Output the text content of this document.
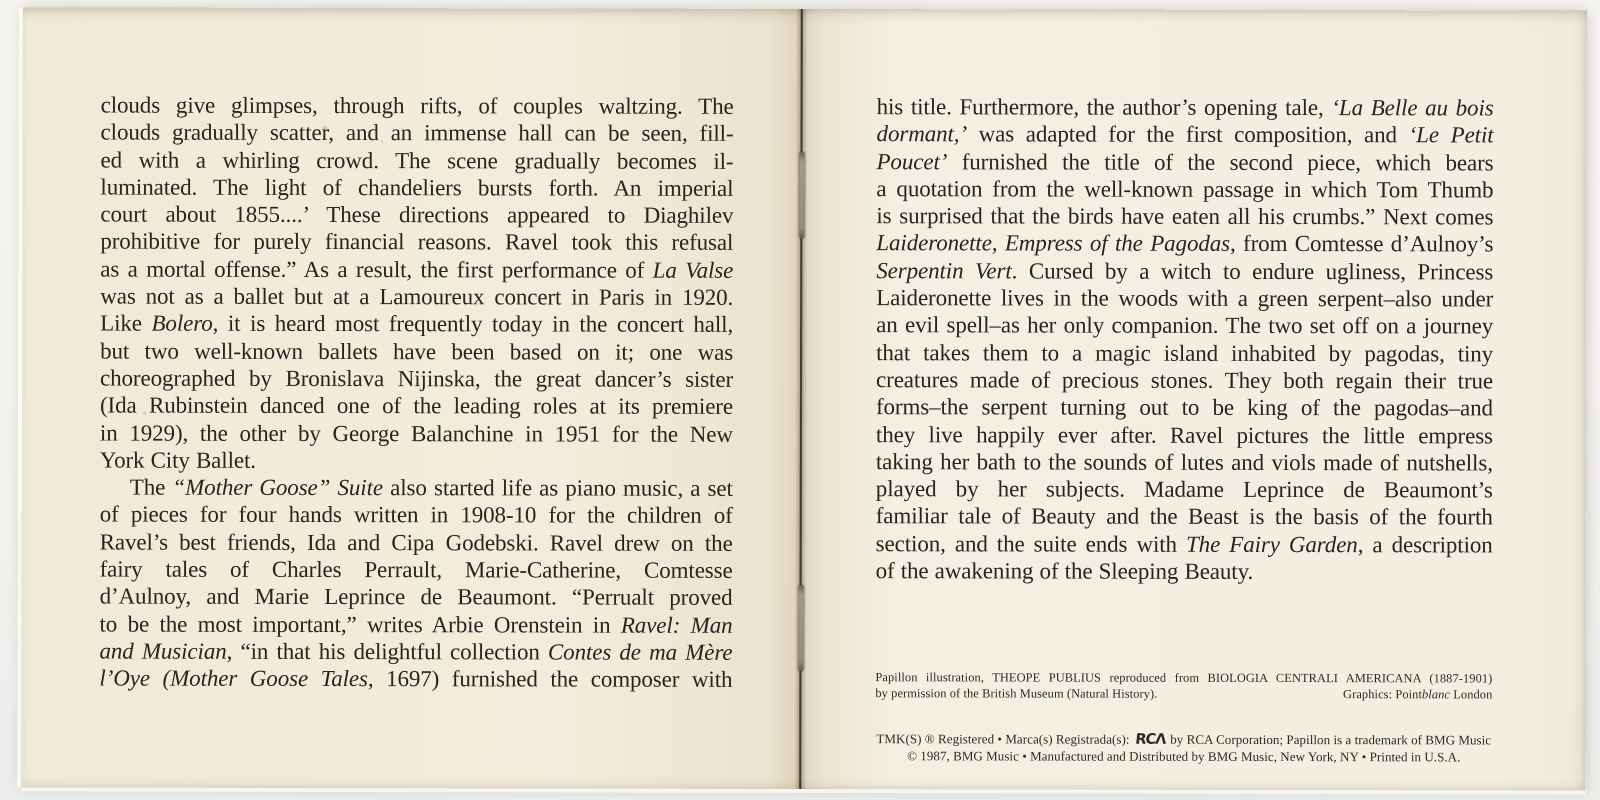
clouds give glimpses, through rifts, of couples waltzing. The
clouds gradually scatter, and an immense hall can be seen, fill-
ed with a whirling crowd. The scene gradually becomes il-
luminated. The light of chandeliers bursts forth. An imperial
court about 1855....’ These directions appeared to Diaghilev
prohibitive for purely financial reasons. Ravel took this refusal
as a mortal offense.” As a result, the first performance of La Valse
was not as a ballet but at a Lamoureux concert in Paris in 1920.
Like Bolero, it is heard most frequently today in the concert hall,
but two well-known ballets have been based on it; one was
choreographed by Bronislava Nijinska, the great dancer’s sister
(Ida Rubinstein danced one of the leading roles at its premiere
in 1929), the other by George Balanchine in 1951 for the New
York City Ballet.
The “Mother Goose” Suite also started life as piano music, a set
of pieces for four hands written in 1908-10 for the children of
Ravel’s best friends, Ida and Cipa Godebski. Ravel drew on the
fairy tales of Charles Perrault, Marie-Catherine, Comtesse
d’Aulnoy, and Marie Leprince de Beaumont. “Perrualt proved
to be the most important,” writes Arbie Orenstein in Ravel: Man
and Musician, “in that his delightful collection Contes de ma Mère
l’Oye (Mother Goose Tales, 1697) furnished the composer with
his title. Furthermore, the author’s opening tale, ‘La Belle au bois
dormant,’ was adapted for the first composition, and ‘Le Petit
Poucet’ furnished the title of the second piece, which bears
a quotation from the well-known passage in which Tom Thumb
is surprised that the birds have eaten all his crumbs.” Next comes
Laideronette, Empress of the Pagodas, from Comtesse d’Aulnoy’s
Serpentin Vert. Cursed by a witch to endure ugliness, Princess
Laideronette lives in the woods with a green serpent–also under
an evil spell–as her only companion. The two set off on a journey
that takes them to a magic island inhabited by pagodas, tiny
creatures made of precious stones. They both regain their true
forms–the serpent turning out to be king of the pagodas–and
they live happily ever after. Ravel pictures the little empress
taking her bath to the sounds of lutes and viols made of nutshells,
played by her subjects. Madame Leprince de Beaumont’s
familiar tale of Beauty and the Beast is the basis of the fourth
section, and the suite ends with The Fairy Garden, a description
of the awakening of the Sleeping Beauty.
Papillon illustration, THEOPE PUBLIUS reproduced from BIOLOGIA CENTRALI AMERICANA (1887-1901)
by permission of the British Museum (Natural History).	Graphics: Pointblanc London
TMK(S) ® Registered • Marca(s) Registrada(s): RCΛ by RCA Corporation; Papillon is a trademark of BMG Music
© 1987, BMG Music • Manufactured and Distributed by BMG Music, New York, NY • Printed in U.S.A.
